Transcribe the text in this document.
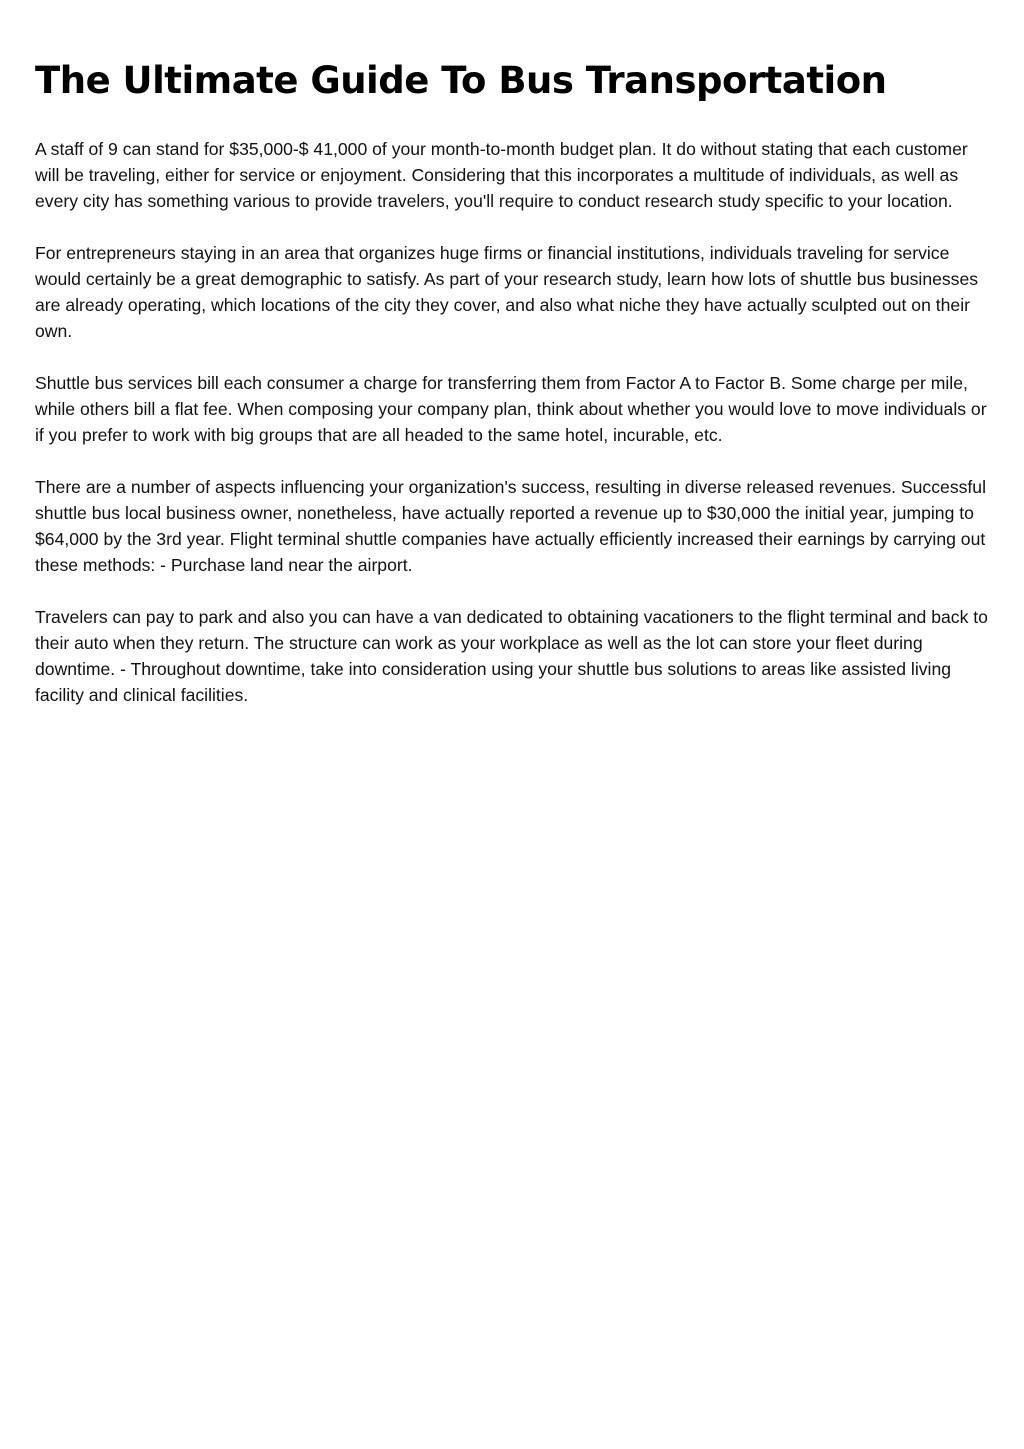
The Ultimate Guide To Bus Transportation

A staff of 9 can stand for $35,000-$ 41,000 of your month-to-month budget plan. It do without stating that each customer will be traveling, either for service or enjoyment. Considering that this incorporates a multitude of individuals, as well as every city has something various to provide travelers, you'll require to conduct research study specific to your location.

For entrepreneurs staying in an area that organizes huge firms or financial institutions, individuals traveling for service would certainly be a great demographic to satisfy. As part of your research study, learn how lots of shuttle bus businesses are already operating, which locations of the city they cover, and also what niche they have actually sculpted out on their own.

Shuttle bus services bill each consumer a charge for transferring them from Factor A to Factor B. Some charge per mile, while others bill a flat fee. When composing your company plan, think about whether you would love to move individuals or if you prefer to work with big groups that are all headed to the same hotel, incurable, etc.

There are a number of aspects influencing your organization's success, resulting in diverse released revenues. Successful shuttle bus local business owner, nonetheless, have actually reported a revenue up to $30,000 the initial year, jumping to $64,000 by the 3rd year. Flight terminal shuttle companies have actually efficiently increased their earnings by carrying out these methods: - Purchase land near the airport.

Travelers can pay to park and also you can have a van dedicated to obtaining vacationers to the flight terminal and back to their auto when they return. The structure can work as your workplace as well as the lot can store your fleet during downtime. - Throughout downtime, take into consideration using your shuttle bus solutions to areas like assisted living facility and clinical facilities.
